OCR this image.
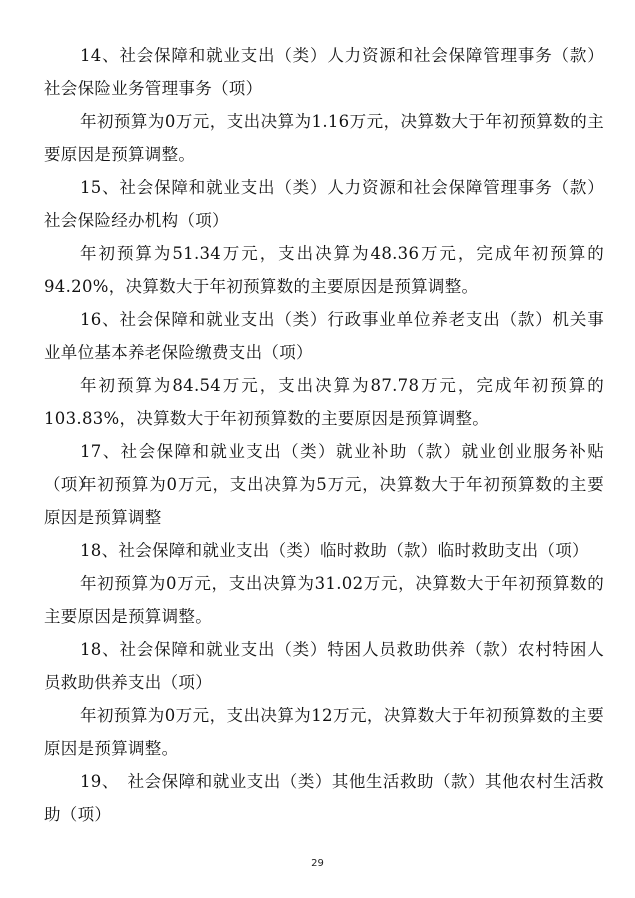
14、社会保障和就业支出（类）人力资源和社会保障管理事务（款）社会保险业务管理事务（项）

年初预算为0万元，支出决算为1.16万元，决算数大于年初预算数的主要原因是预算调整。

15、社会保障和就业支出（类）人力资源和社会保障管理事务（款） 社会保险经办机构（项）

年初预算为51.34万元，支出决算为48.36万元，完成年初预算的94.20%，决算数大于年初预算数的主要原因是预算调整。

16、社会保障和就业支出（类）行政事业单位养老支出（款）机关事业单位基本养老保险缴费支出（项）

年初预算为84.54万元，支出决算为87.78万元，完成年初预算的103.83%，决算数大于年初预算数的主要原因是预算调整。

17、社会保障和就业支出（类）就业补助（款）就业创业服务补贴（项）

年初预算为0万元，支出决算为5万元，决算数大于年初预算数的主要原因是预算调整

18、社会保障和就业支出（类）临时救助（款）临时救助支出（项）

年初预算为0万元，支出决算为31.02万元，决算数大于年初预算数的主要原因是预算调整。

18、社会保障和就业支出（类）特困人员救助供养（款）农村特困人员救助供养支出（项）

年初预算为0万元，支出决算为12万元，决算数大于年初预算数的主要原因是预算调整。

19、　社会保障和就业支出（类）其他生活救助（款）其他农村生活救助（项）

29
